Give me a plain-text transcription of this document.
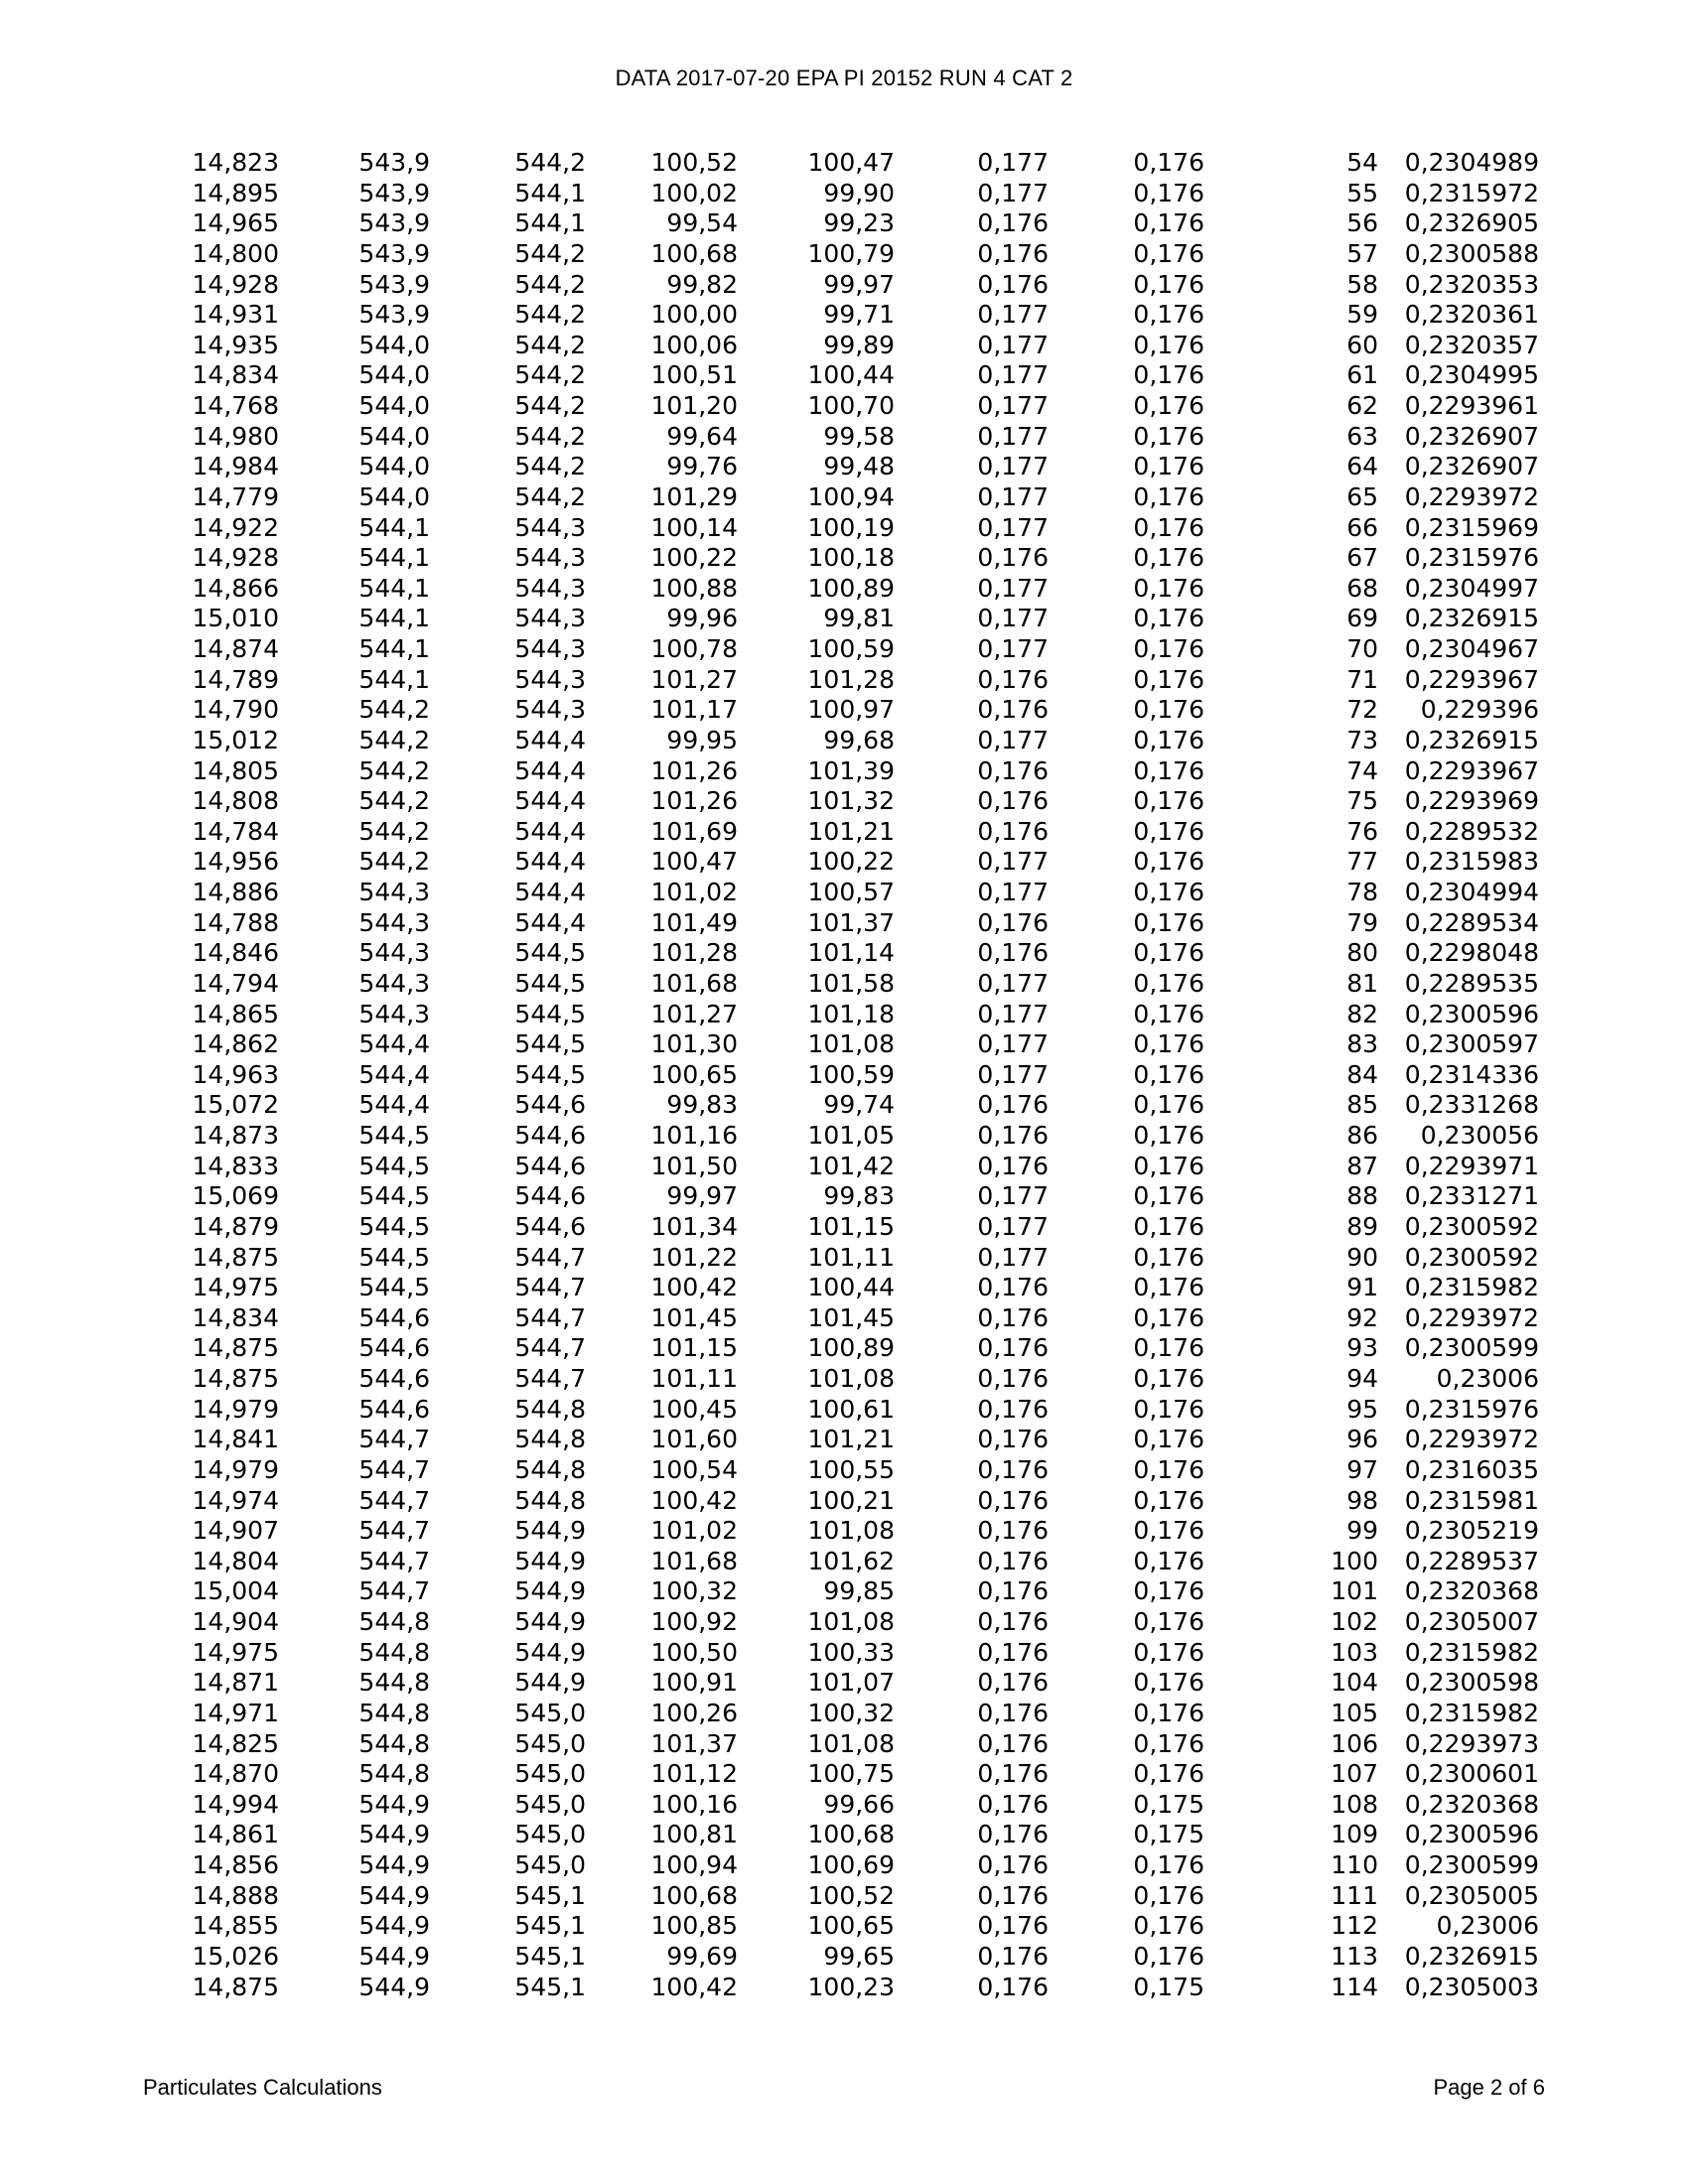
DATA 2017-07-20 EPA PI 20152 RUN 4 CAT 2
14,823	543,9	544,2	100,52	100,47	0,177	0,176	54	0,2304989
14,895	543,9	544,1	100,02	99,90	0,177	0,176	55	0,2315972
14,965	543,9	544,1	99,54	99,23	0,176	0,176	56	0,2326905
14,800	543,9	544,2	100,68	100,79	0,176	0,176	57	0,2300588
14,928	543,9	544,2	99,82	99,97	0,176	0,176	58	0,2320353
14,931	543,9	544,2	100,00	99,71	0,177	0,176	59	0,2320361
14,935	544,0	544,2	100,06	99,89	0,177	0,176	60	0,2320357
14,834	544,0	544,2	100,51	100,44	0,177	0,176	61	0,2304995
14,768	544,0	544,2	101,20	100,70	0,177	0,176	62	0,2293961
14,980	544,0	544,2	99,64	99,58	0,177	0,176	63	0,2326907
14,984	544,0	544,2	99,76	99,48	0,177	0,176	64	0,2326907
14,779	544,0	544,2	101,29	100,94	0,177	0,176	65	0,2293972
14,922	544,1	544,3	100,14	100,19	0,177	0,176	66	0,2315969
14,928	544,1	544,3	100,22	100,18	0,176	0,176	67	0,2315976
14,866	544,1	544,3	100,88	100,89	0,177	0,176	68	0,2304997
15,010	544,1	544,3	99,96	99,81	0,177	0,176	69	0,2326915
14,874	544,1	544,3	100,78	100,59	0,177	0,176	70	0,2304967
14,789	544,1	544,3	101,27	101,28	0,176	0,176	71	0,2293967
14,790	544,2	544,3	101,17	100,97	0,176	0,176	72	0,229396
15,012	544,2	544,4	99,95	99,68	0,177	0,176	73	0,2326915
14,805	544,2	544,4	101,26	101,39	0,176	0,176	74	0,2293967
14,808	544,2	544,4	101,26	101,32	0,176	0,176	75	0,2293969
14,784	544,2	544,4	101,69	101,21	0,176	0,176	76	0,2289532
14,956	544,2	544,4	100,47	100,22	0,177	0,176	77	0,2315983
14,886	544,3	544,4	101,02	100,57	0,177	0,176	78	0,2304994
14,788	544,3	544,4	101,49	101,37	0,176	0,176	79	0,2289534
14,846	544,3	544,5	101,28	101,14	0,176	0,176	80	0,2298048
14,794	544,3	544,5	101,68	101,58	0,177	0,176	81	0,2289535
14,865	544,3	544,5	101,27	101,18	0,177	0,176	82	0,2300596
14,862	544,4	544,5	101,30	101,08	0,177	0,176	83	0,2300597
14,963	544,4	544,5	100,65	100,59	0,177	0,176	84	0,2314336
15,072	544,4	544,6	99,83	99,74	0,176	0,176	85	0,2331268
14,873	544,5	544,6	101,16	101,05	0,176	0,176	86	0,230056
14,833	544,5	544,6	101,50	101,42	0,176	0,176	87	0,2293971
15,069	544,5	544,6	99,97	99,83	0,177	0,176	88	0,2331271
14,879	544,5	544,6	101,34	101,15	0,177	0,176	89	0,2300592
14,875	544,5	544,7	101,22	101,11	0,177	0,176	90	0,2300592
14,975	544,5	544,7	100,42	100,44	0,176	0,176	91	0,2315982
14,834	544,6	544,7	101,45	101,45	0,176	0,176	92	0,2293972
14,875	544,6	544,7	101,15	100,89	0,176	0,176	93	0,2300599
14,875	544,6	544,7	101,11	101,08	0,176	0,176	94	0,23006
14,979	544,6	544,8	100,45	100,61	0,176	0,176	95	0,2315976
14,841	544,7	544,8	101,60	101,21	0,176	0,176	96	0,2293972
14,979	544,7	544,8	100,54	100,55	0,176	0,176	97	0,2316035
14,974	544,7	544,8	100,42	100,21	0,176	0,176	98	0,2315981
14,907	544,7	544,9	101,02	101,08	0,176	0,176	99	0,2305219
14,804	544,7	544,9	101,68	101,62	0,176	0,176	100	0,2289537
15,004	544,7	544,9	100,32	99,85	0,176	0,176	101	0,2320368
14,904	544,8	544,9	100,92	101,08	0,176	0,176	102	0,2305007
14,975	544,8	544,9	100,50	100,33	0,176	0,176	103	0,2315982
14,871	544,8	544,9	100,91	101,07	0,176	0,176	104	0,2300598
14,971	544,8	545,0	100,26	100,32	0,176	0,176	105	0,2315982
14,825	544,8	545,0	101,37	101,08	0,176	0,176	106	0,2293973
14,870	544,8	545,0	101,12	100,75	0,176	0,176	107	0,2300601
14,994	544,9	545,0	100,16	99,66	0,176	0,175	108	0,2320368
14,861	544,9	545,0	100,81	100,68	0,176	0,175	109	0,2300596
14,856	544,9	545,0	100,94	100,69	0,176	0,176	110	0,2300599
14,888	544,9	545,1	100,68	100,52	0,176	0,176	111	0,2305005
14,855	544,9	545,1	100,85	100,65	0,176	0,176	112	0,23006
15,026	544,9	545,1	99,69	99,65	0,176	0,176	113	0,2326915
14,875	544,9	545,1	100,42	100,23	0,176	0,175	114	0,2305003
Particulates Calculations	Page 2 of 6
